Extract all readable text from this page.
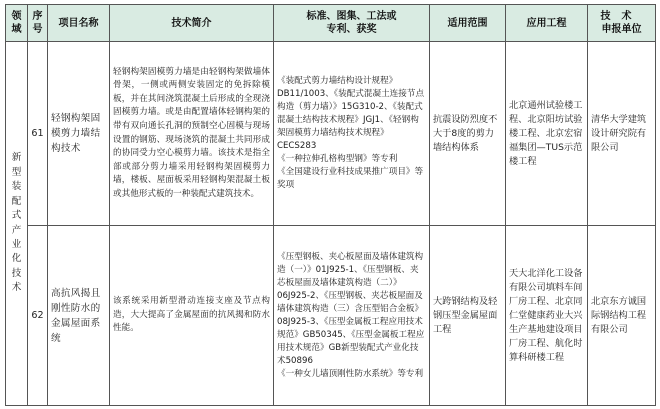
领域	序号	项目名称	技术简介	标准、图集、工法或
专利、获奖	适用范围	应用工程	技术
申报单位

新型装配式产业化技术	61	轻钢构架固模剪力墙结构技术	轻钢构架固模剪力墙是由轻钢构架做墙体骨架，一侧或两侧安装固定的免拆除模板，并在其间浇筑混凝土后形成的全现浇固模剪力墙。或是由配置墙体轻钢构架的带有双向通长孔洞的预制空心固模与现场设置的钢筋、现场浇筑的混凝土共同形成的协同受力空心模剪力墙。该技术是指全部或部分剪力墙采用轻钢构架固模剪力墙，楼板、屋面板采用轻钢构架混凝土板或其他形式板的一种装配式建筑技术。	《装配式剪力墙结构设计规程》DB11/1003、《装配式混凝土连接节点构造（剪力墙）》15G310-2、《装配式混凝土结构技术规程》JGJ1、《轻钢构架固模剪力墙结构技术规程》CECS283
《一种拉伸孔格构型钢》等专利
《全国建设行业科技成果推广项目》等奖项	抗震设防烈度不大于8度的剪力墙结构体系	北京通州试验楼工程、北京阳坊试验楼工程、北京宏宿福集团—TUS示范楼工程	清华大学建筑设计研究院有限公司
	62	高抗风揭且刚性防水的金属屋面系统	该系统采用新型滑动连接支座及节点构造，大大提高了金属屋面的抗风揭和防水性能。	《压型钢板、夹心板屋面及墙体建筑构造（一）》01J925-1、《压型钢板、夹芯板屋面及墙体建筑构造（二）》06J925-2、《压型钢板、夹芯板屋面及墙体建筑构造（三）含压型铝合金板》08J925-3、《压型金属板工程应用技术规范》GB50345、《压型金属板工程应用技术规范》GB新型装配式产业化技术50896
《一种女儿墙顶刚性防水系统》等专利	大跨钢结构及轻钢压型金属屋面工程	天大北洋化工设备有限公司填料车间厂房工程、北京同仁堂健康药业大兴生产基地建设项目厂房工程、航化时算科研楼工程	北京东方诚国际钢结构工程有限公司
